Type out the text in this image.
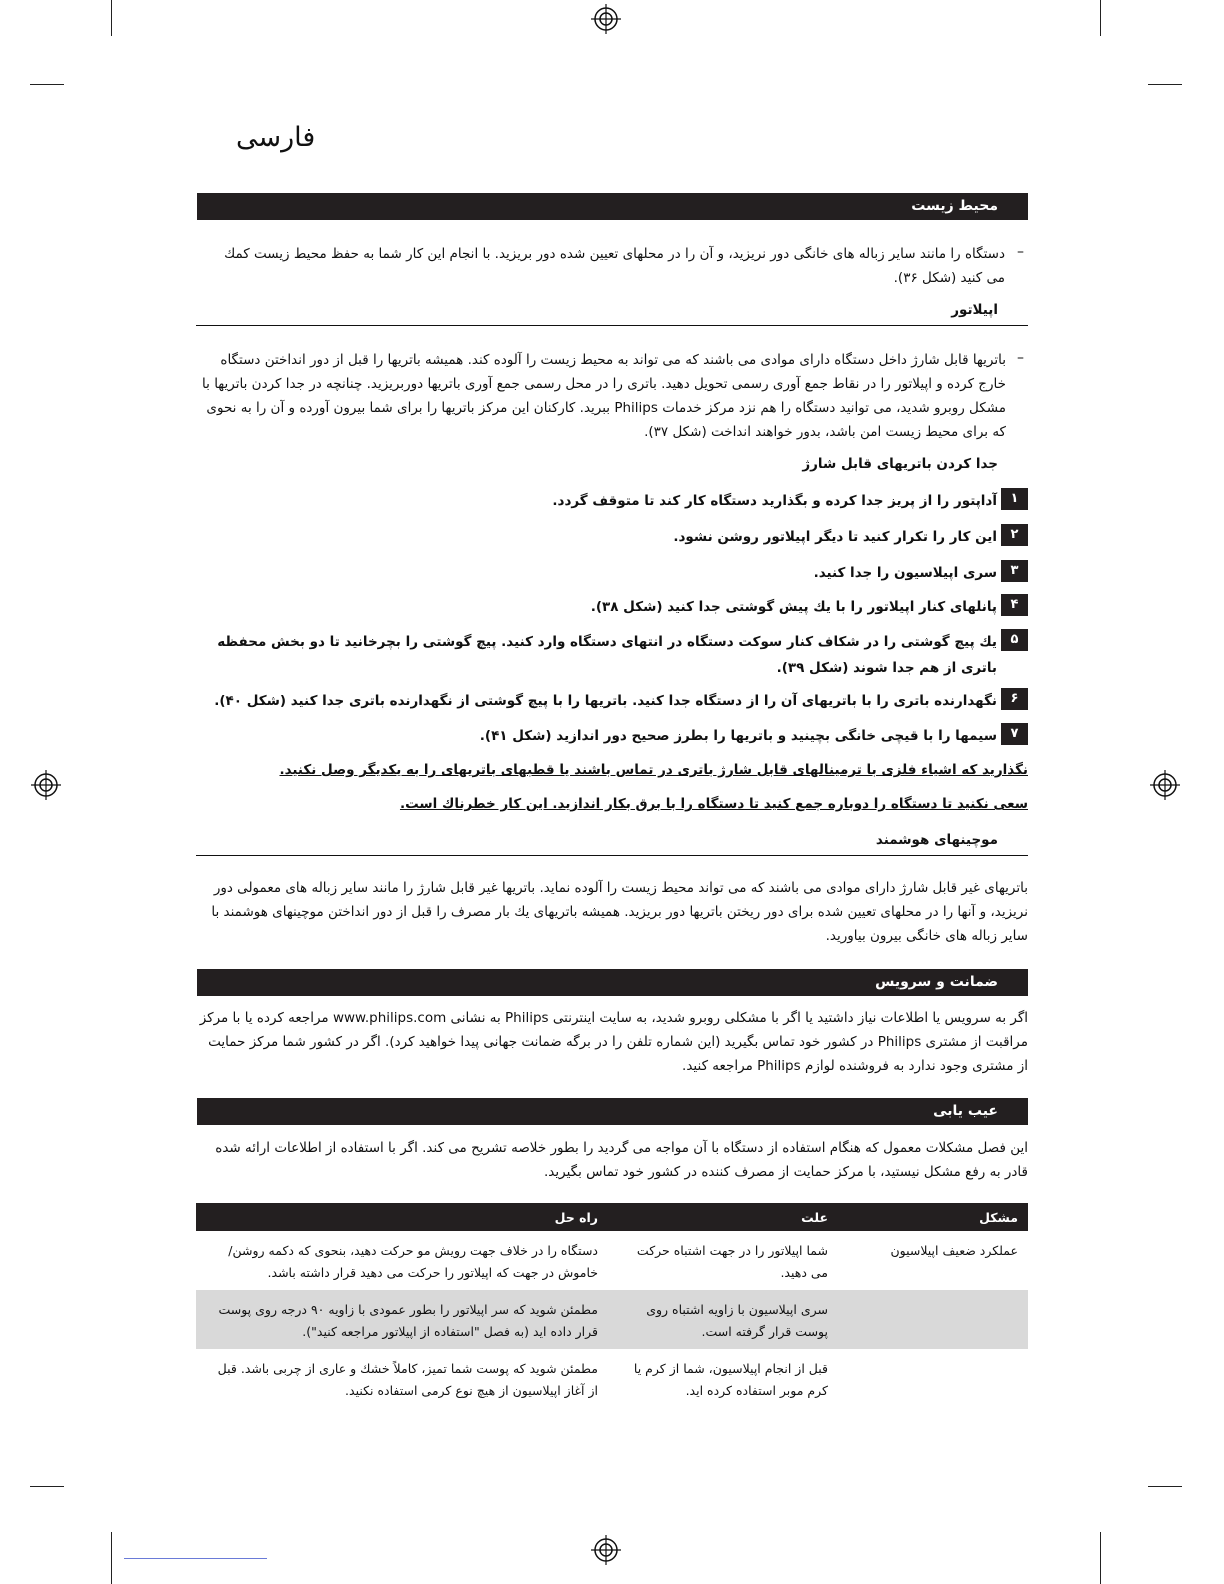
فارسی
محیط زیست
–
دستگاه را مانند سایر زباله های خانگی دور نریزید، و آن را در محلهای تعیین شده دور بریزید. با انجام این کار شما به حفظ محیط زیست کمك می کنید (شکل ۳۶).
اپیلاتور
–
باتریها قابل شارژ داخل دستگاه دارای موادی می باشند که می تواند به محیط زیست را آلوده کند. همیشه باتریها را قبل از دور انداختن دستگاه خارج کرده و اپیلاتور را در نقاط جمع آوری رسمی تحویل دهید. باتری را در محل رسمی جمع آوری باتریها دوربریزید. چنانچه در جدا کردن باتریها با مشکل روبرو شدید، می توانید دستگاه را هم نزد مرکز خدمات Philips ببرید. کارکنان این مرکز باتریها را برای شما بیرون آورده و آن را به نحوی که برای محیط زیست امن باشد، بدور خواهند انداخت (شکل ۳۷).
جدا کردن باتریهای قابل شارژ
۱
آداپتور را از پریز جدا کرده و بگذارید دستگاه کار کند تا متوقف گردد.
۲
این کار را تکرار کنید تا دیگر اپیلاتور روشن نشود.
۳
سری اپیلاسیون را جدا کنید.
۴
پانلهای کنار اپیلاتور را با یك پیش گوشتی جدا کنید (شکل ۳۸).
۵
یك پیچ گوشتی را در شکاف کنار سوکت دستگاه در انتهای دستگاه وارد کنید. پیچ گوشتی را بچرخانید تا دو بخش محفظه باتری از هم جدا شوند (شکل ۳۹).
۶
نگهدارنده باتری را با باتریهای آن را از دستگاه جدا کنید. باتریها را با پیچ گوشتی از نگهدارنده باتری جدا کنید (شکل ۴۰).
۷
سیمها را با قیچی خانگی بچینید و باتریها را بطرز صحیح دور اندازید (شکل ۴۱).
نگذارید که اشیاء فلزی با ترمینالهای قابل شارژ باتری در تماس باشند یا قطبهای باتریهای را به یکدیگر وصل نکنید.
سعی نکنید تا دستگاه را دوباره جمع کنید تا دستگاه را با برق بکار اندازید. این کار خطرناك است.
موچینهای هوشمند
باتریهای غیر قابل شارژ دارای موادی می باشند که می تواند محیط زیست را آلوده نماید. باتریها غیر قابل شارژ را مانند سایر زباله های معمولی دور نریزید، و آنها را در محلهای تعیین شده برای دور ریختن باتریها دور بریزید. همیشه باتریهای یك بار مصرف را قبل از دور انداختن موچینهای هوشمند با سایر زباله های خانگی بیرون بیاورید.
ضمانت و سرویس
اگر به سرویس یا اطلاعات نیاز داشتید یا اگر با مشکلی روبرو شدید، به سایت اینترنتی Philips به نشانی www.philips.com مراجعه کرده یا با مرکز مراقبت از مشتری Philips در کشور خود تماس بگیرید (این شماره تلفن را در برگه ضمانت جهانی پیدا خواهید کرد). اگر در کشور شما مرکز حمایت از مشتری وجود ندارد به فروشنده لوازم Philips مراجعه کنید.
عیب یابی
این فصل مشکلات معمول که هنگام استفاده از دستگاه با آن مواجه می گردید را بطور خلاصه تشریح می کند. اگر با استفاده از اطلاعات ارائه شده قادر به رفع مشکل نیستید، با مرکز حمایت از مصرف کننده در کشور خود تماس بگیرید.
مشکل	علت	راه حل
عملکرد ضعیف اپیلاسیون	شما اپیلاتور را در جهت اشتباه حرکت می دهید.	دستگاه را در خلاف جهت رویش مو حرکت دهید، بنحوی که دکمه روشن/خاموش در جهت که اپیلاتور را حرکت می دهید قرار داشته باشد.
	سری اپیلاسیون با زاویه اشتباه روی پوست قرار گرفته است.	مطمئن شوید که سر اپیلاتور را بطور عمودی با زاویه ۹۰ درجه روی پوست قرار داده اید (به فصل "استفاده از اپیلاتور مراجعه کنید").
	قبل از انجام اپیلاسیون، شما از کرم یا کرم موبر استفاده کرده اید.	مطمئن شوید که پوست شما تمیز، کاملاً خشك و عاری از چربی باشد. قبل از آغاز اپیلاسیون از هیچ نوع کرمی استفاده نکنید.
